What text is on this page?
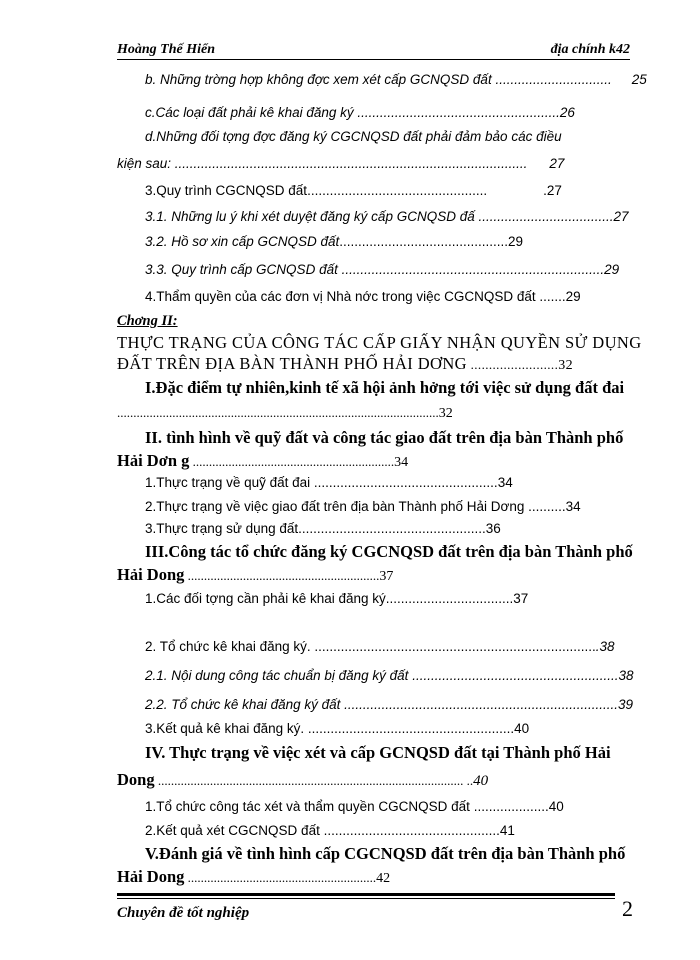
Hoàng Thế Hiển	địa chính k42
b. Những trờng hợp không đợc xem xét cấp GCNQSD đất ............................... 25
c.Các loại đất phải kê khai đăng ký ......................................................26
d.Những đối tợng đợc đăng ký CGCNQSD đất phải đảm bảo các điều
kiện sau: .............................................................................................. 27
3.Quy trình CGCNQSD đất................................................	.27
3.1. Những lu ý khi xét duyệt đăng ký cấp GCNQSD đấ ....................................27
3.2. Hồ sơ xin cấp GCNQSD đất.............................................29
3.3. Quy trình cấp GCNQSD đất ......................................................................29
4.Thẩm quyền của các đơn vị Nhà nớc trong việc CGCNQSD đất .......29
Chơng II:
THỰC TRẠNG CỦA CÔNG TÁC CẤP GIẤY NHẬN QUYỀN SỬ DỤNG
ĐẤT TRÊN ĐỊA BÀN THÀNH PHỐ HẢI DƠNG ........................32
I.Đặc điểm tự nhiên,kinh tế xã hội ảnh hởng tới việc sử dụng đất đai
...................................................................................................32
II. tình hình về quỹ đất và công tác giao đất trên địa bàn Thành phố
Hải Dơn g ..............................................................34
1.Thực trạng về quỹ đất đai .................................................34
2.Thực trạng về việc giao đất trên địa bàn Thành phố Hải Dơng ..........34
3.Thực trạng sử dụng đất..................................................36
III.Công tác tổ chức đăng ký CGCNQSD đất trên địa bàn Thành phố
Hải Dong ...........................................................37
1.Các đối tợng cần phải kê khai đăng ký..................................37
2. Tổ chức kê khai đăng ký. ............................................................................38
2.1. Nội dung công tác chuẩn bị đăng ký đất .......................................................38
2.2. Tổ chức kê khai đăng ký đất .........................................................................39
3.Kết quả kê khai đăng ký. .......................................................40
IV. Thực trạng về việc xét và cấp GCNQSD đất tại Thành phố Hải
Dong .............................................................................................. ..40
1.Tổ chức công tác xét và thẩm quyền CGCNQSD đất ....................40
2.Kết quả xét CGCNQSD đất ...............................................41
V.Đánh giá về tình hình cấp CGCNQSD đất trên địa bàn Thành phố
Hải Dong ..........................................................42
Chuyên đề tốt nghiệp	2
